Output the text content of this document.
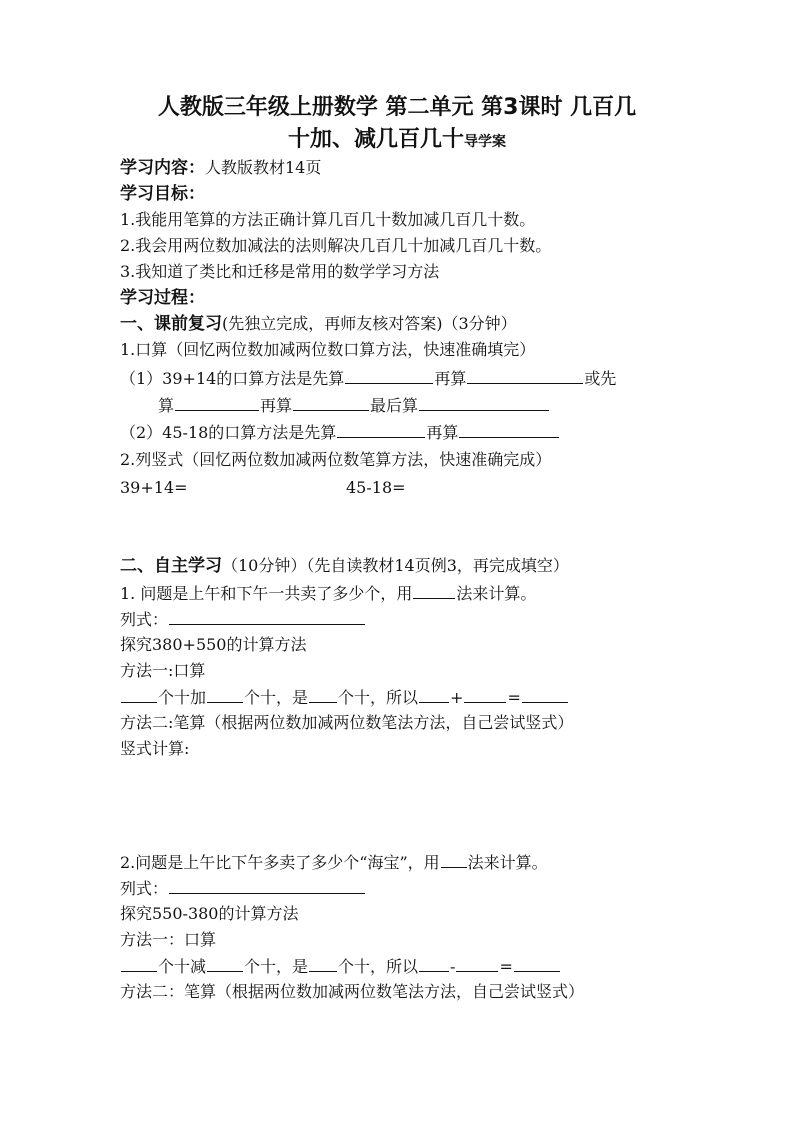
人教版三年级上册数学 第二单元 第3课时 几百几
十加、减几百几十导学案
学习内容：人教版教材14页
学习目标：
1.我能用笔算的方法正确计算几百几十数加减几百几十数。
2.我会用两位数加减法的法则解决几百几十加减几百几十数。
3.我知道了类比和迁移是常用的数学学习方法
学习过程：
一、课前复习(先独立完成，再师友核对答案)（3分钟）
1.口算（回忆两位数加减两位数口算方法，快速准确填完）
（1）39+14的口算方法是先算	再算	或先
算	再算	最后算
（2）45-18的口算方法是先算	再算
2.列竖式（回忆两位数加减两位数笔算方法，快速准确完成）
39+14=	45-18=
二、自主学习（10分钟）（先自读教材14页例3，再完成填空）
1. 问题是上午和下午一共卖了多少个，用	法来计算。
列式：
探究380+550的计算方法
方法一:口算
个十加 个十，是 个十，所以 +	=
方法二:笔算（根据两位数加减两位数笔法方法，自己尝试竖式）
竖式计算:
2.问题是上午比下午多卖了多少个“海宝”，用 法来计算。
列式：
探究550-380的计算方法
方法一：口算
个十减 个十，是 个十，所以 -	=
方法二：笔算（根据两位数加减两位数笔法方法，自己尝试竖式）
